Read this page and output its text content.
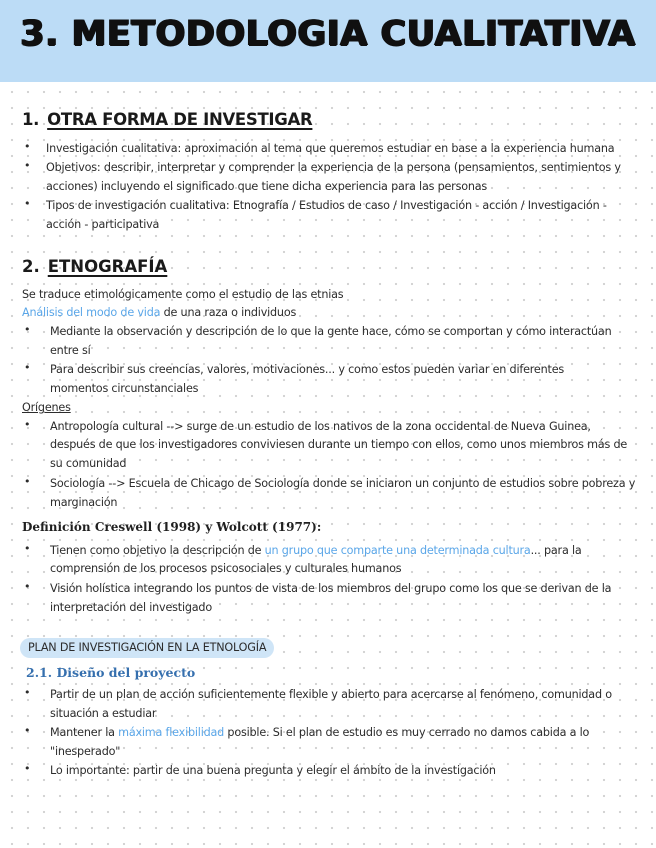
3. METODOLOGIA CUALITATIVA
1. OTRA FORMA DE INVESTIGAR
• Investigación cualitativa: aproximación al tema que queremos estudiar en base a la experiencia humana
• Objetivos: describir, interpretar y comprender la experiencia de la persona (pensamientos, sentimientos y
acciones) incluyendo el significado que tiene dicha experiencia para las personas
• Tipos de investigación cualitativa: Etnografía / Estudios de caso / Investigación - acción / Investigación -
acción - participativa
2. ETNOGRAFÍA
Se traduce etimológicamente como el estudio de las etnias
Análisis del modo de vida de una raza o individuos
• Mediante la observación y descripción de lo que la gente hace, cómo se comportan y cómo interactúan
entre sí
• Para describir sus creencias, valores, motivaciones... y como estos pueden variar en diferentes
momentos circunstanciales
Orígenes
• Antropología cultural --> surge de un estudio de los nativos de la zona occidental de Nueva Guinea,
después de que los investigadores conviviesen durante un tiempo con ellos, como unos miembros más de
su comunidad
• Sociología --> Escuela de Chicago de Sociología donde se iniciaron un conjunto de estudios sobre pobreza y
marginación
Definición Creswell (1998) y Wolcott (1977):
• Tienen como objetivo la descripción de un grupo que comparte una determinada cultura... para la
comprensión de los procesos psicosociales y culturales humanos
• Visión holística integrando los puntos de vista de los miembros del grupo como los que se derivan de la
interpretación del investigado
PLAN DE INVESTIGACIÓN EN LA ETNOLOGÍA
2.1. Diseño del proyecto
• Partir de un plan de acción suficientemente flexible y abierto para acercarse al fenómeno, comunidad o
situación a estudiar
• Mantener la máxima flexibilidad posible. Si el plan de estudio es muy cerrado no damos cabida a lo
"inesperado"
• Lo importante: partir de una buena pregunta y elegir el ámbito de la investigación
